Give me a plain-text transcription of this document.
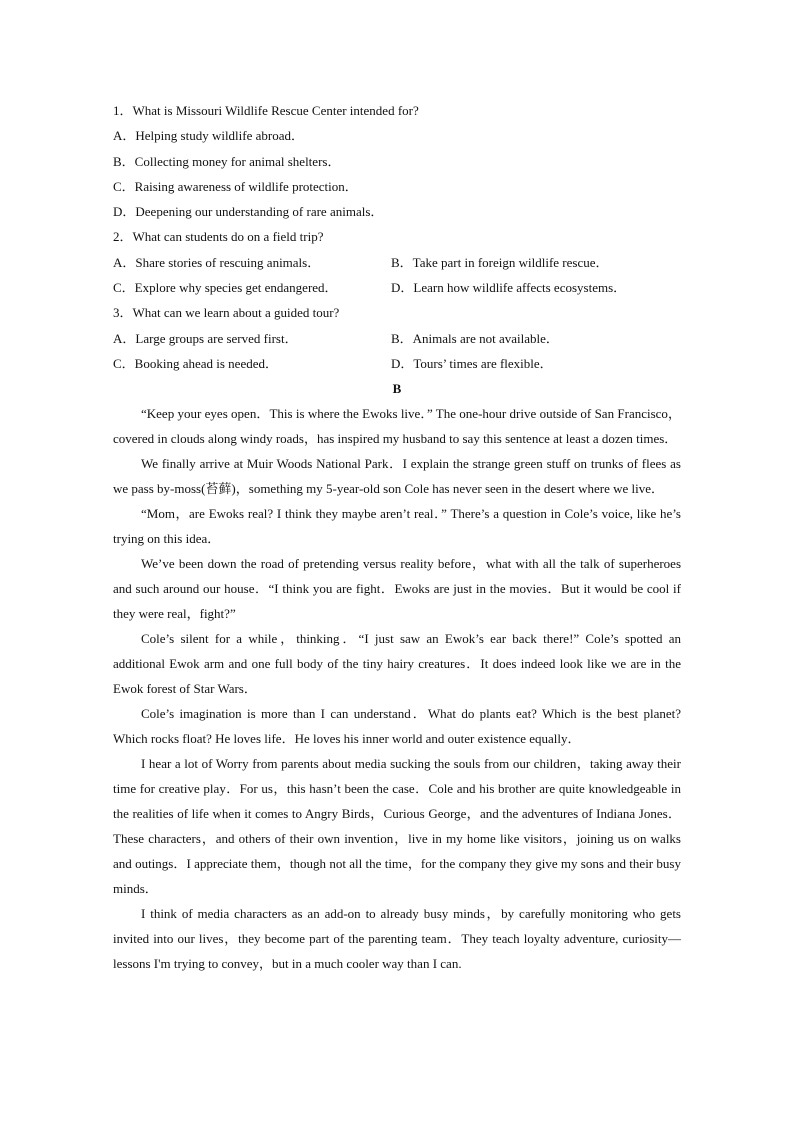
1．What is Missouri Wildlife Rescue Center intended for?
A．Helping study wildlife abroad．
B．Collecting money for animal shelters．
C．Raising awareness of wildlife protection．
D．Deepening our understanding of rare animals．
2．What can students do on a field trip?
A．Share stories of rescuing animals．	B．Take part in foreign wildlife rescue．
C．Explore why species get endangered．	D．Learn how wildlife affects ecosystems．
3．What can we learn about a guided tour?
A．Large groups are served first．	B．Animals are not available．
C．Booking ahead is needed．	D．Tours’ times are flexible．
B

“Keep your eyes open．This is where the Ewoks live．” The one-hour drive outside of San Francisco，covered in clouds along windy roads，has inspired my husband to say this sentence at least a dozen times．

We finally arrive at Muir Woods National Park．I explain the strange green stuff on trunks of flees as we pass by-moss(苔藓)，something my 5-year-old son Cole has never seen in the desert where we live．

“Mom，are Ewoks real? I think they maybe aren’t real．” There’s a question in Cole’s voice, like he’s trying on this idea．

We’ve been down the road of pretending versus reality before，what with all the talk of superheroes and such around our house．“I think you are fight．Ewoks are just in the movies．But it would be cool if they were real，fight?”

Cole’s silent for a while，thinking．“I just saw an Ewok’s ear back there!” Cole’s spotted an additional Ewok arm and one full body of the tiny hairy creatures．It does indeed look like we are in the Ewok forest of Star Wars．

Cole’s imagination is more than I can understand．What do plants eat? Which is the best planet? Which rocks float? He loves life．He loves his inner world and outer existence equally．

I hear a lot of Worry from parents about media sucking the souls from our children，taking away their time for creative play．For us，this hasn’t been the case．Cole and his brother are quite knowledgeable in the realities of life when it comes to Angry Birds，Curious George，and the adventures of Indiana Jones．These characters，and others of their own invention，live in my home like visitors，joining us on walks and outings．I appreciate them，though not all the time，for the company they give my sons and their busy minds．

I think of media characters as an add-on to already busy minds，by carefully monitoring who gets invited into our lives，they become part of the parenting team．They teach loyalty adventure, curiosity—lessons I'm trying to convey，but in a much cooler way than I can.
